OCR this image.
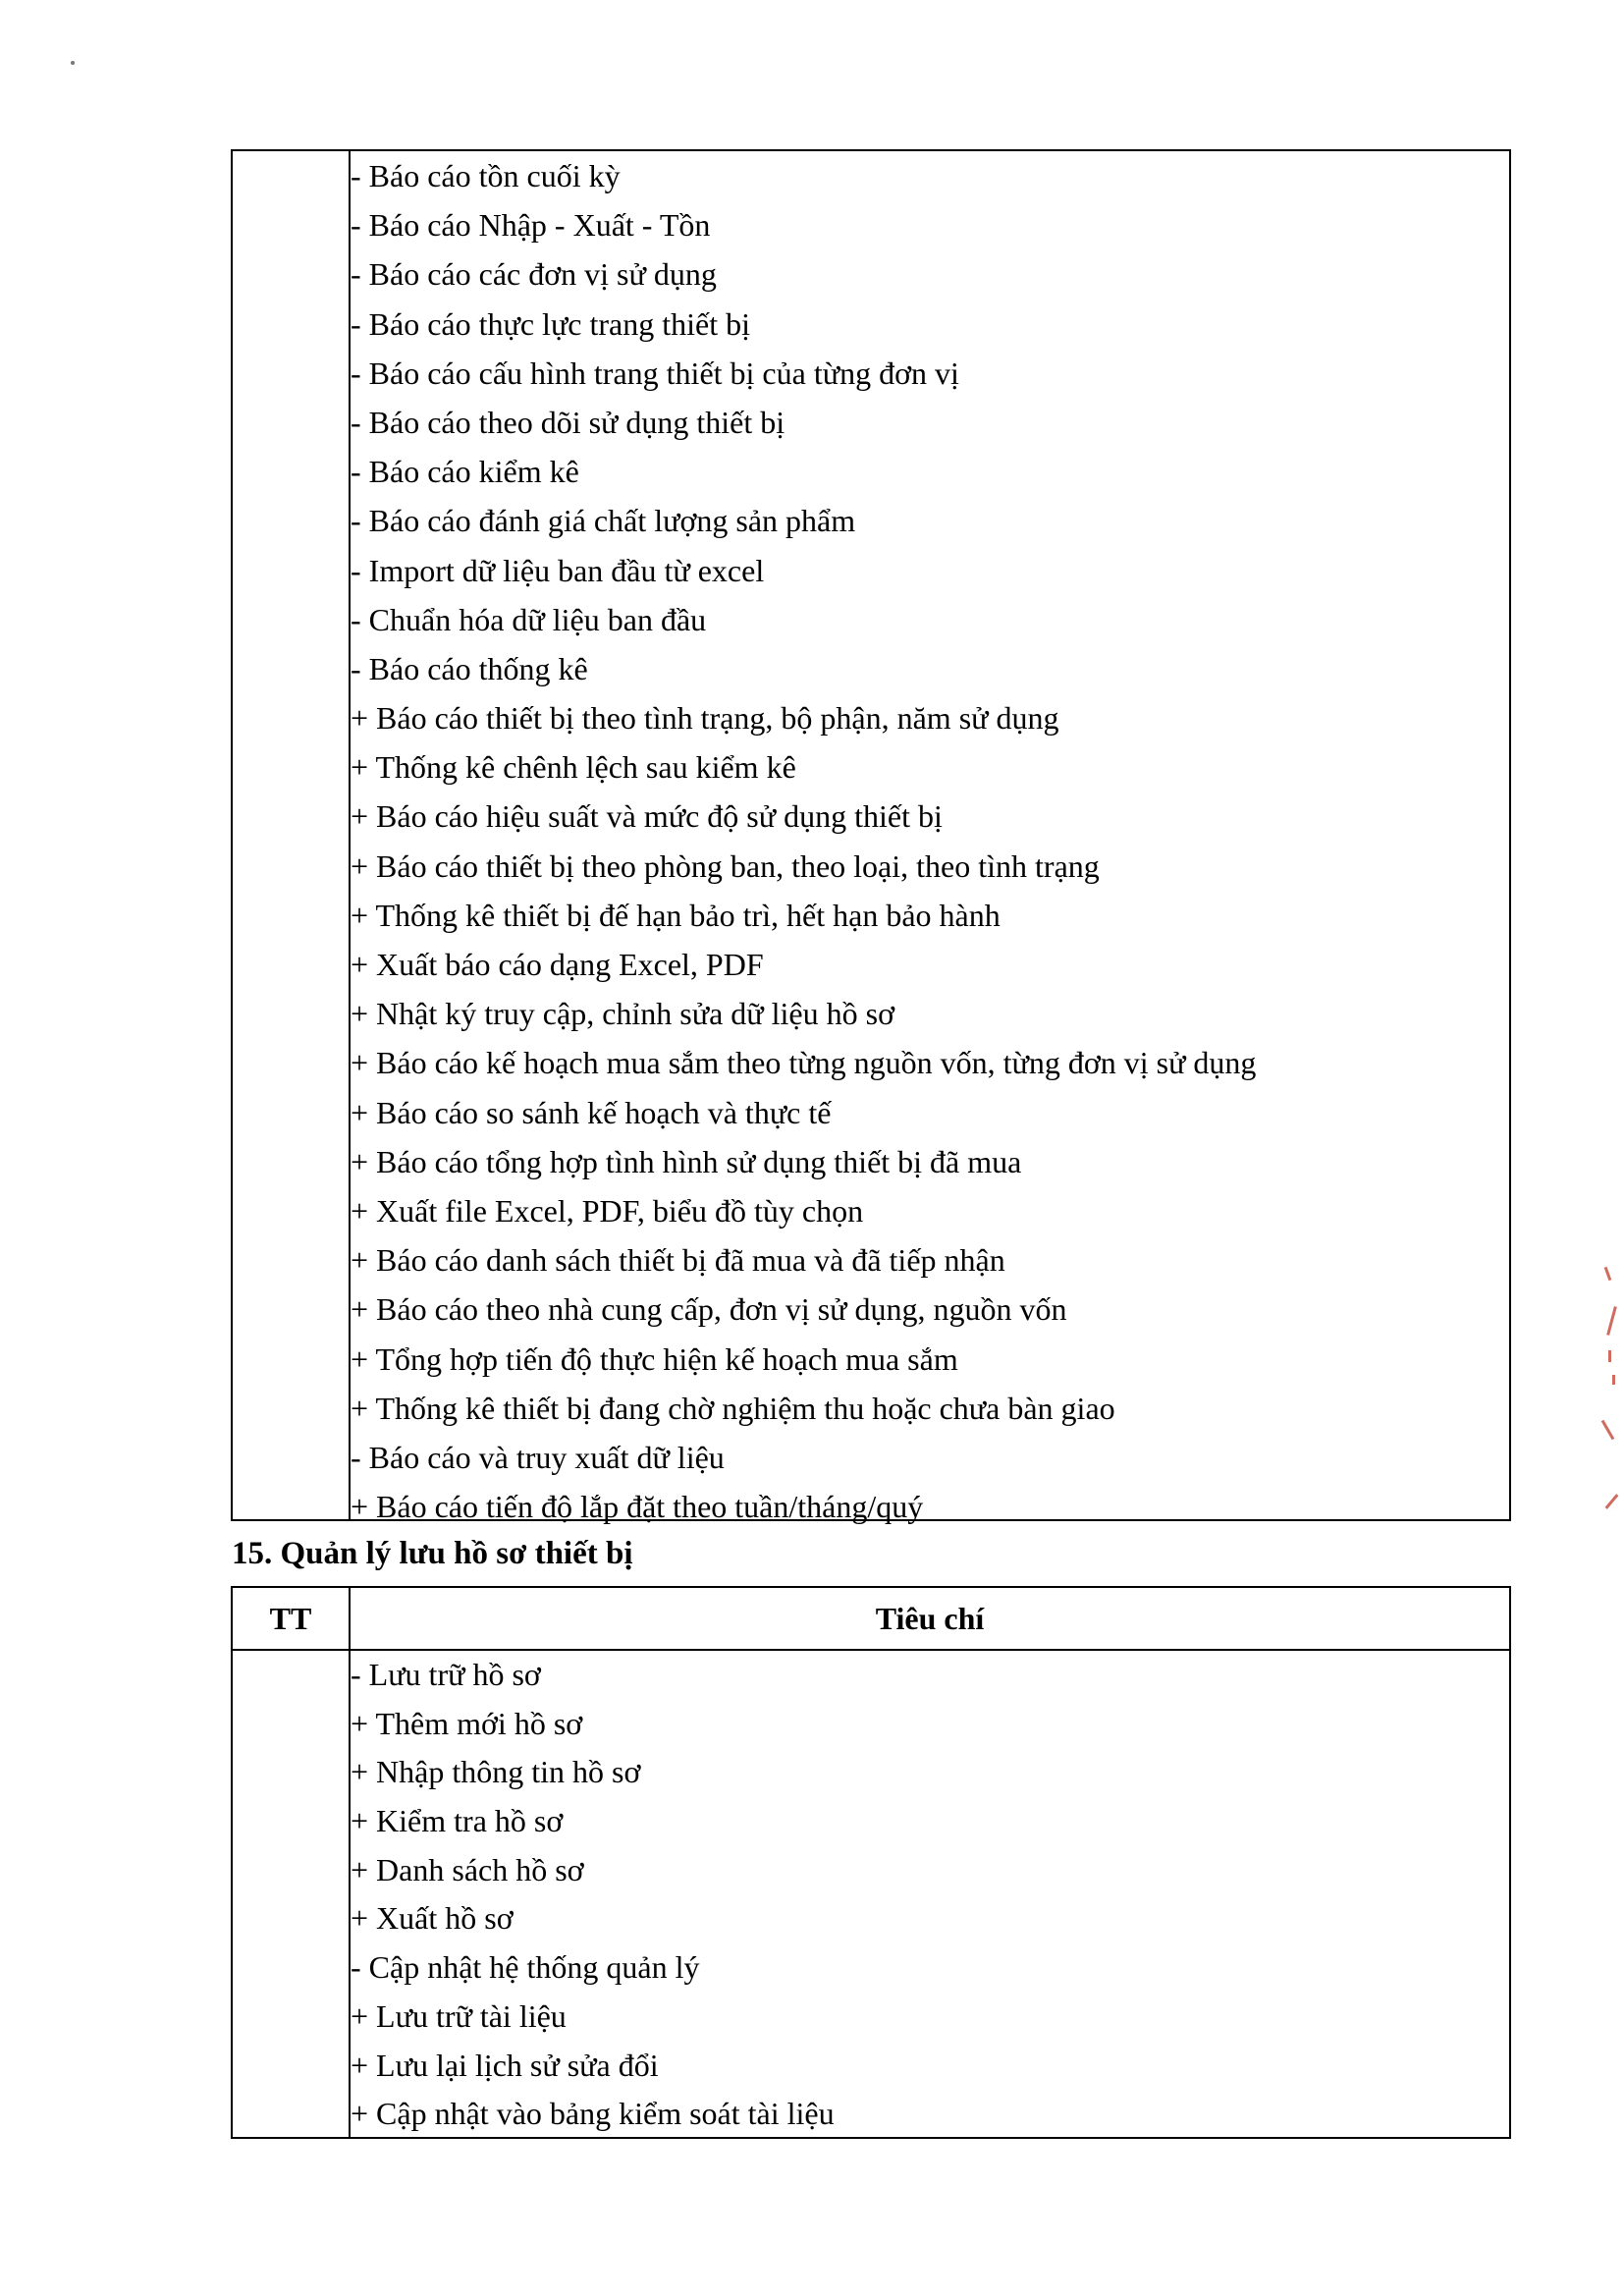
- Báo cáo tồn cuối kỳ
- Báo cáo Nhập - Xuất - Tồn
- Báo cáo các đơn vị sử dụng
- Báo cáo thực lực trang thiết bị
- Báo cáo cấu hình trang thiết bị của từng đơn vị
- Báo cáo theo dõi sử dụng thiết bị
- Báo cáo kiểm kê
- Báo cáo đánh giá chất lượng sản phẩm
- Import dữ liệu ban đầu từ excel
- Chuẩn hóa dữ liệu ban đầu
- Báo cáo thống kê
+ Báo cáo thiết bị theo tình trạng, bộ phận, năm sử dụng
+ Thống kê chênh lệch sau kiểm kê
+ Báo cáo hiệu suất và mức độ sử dụng thiết bị
+ Báo cáo thiết bị theo phòng ban, theo loại, theo tình trạng
+ Thống kê thiết bị đế hạn bảo trì, hết hạn bảo hành
+ Xuất báo cáo dạng Excel, PDF
+ Nhật ký truy cập, chỉnh sửa dữ liệu hồ sơ
+ Báo cáo kế hoạch mua sắm theo từng nguồn vốn, từng đơn vị sử dụng
+ Báo cáo so sánh kế hoạch và thực tế
+ Báo cáo tổng hợp tình hình sử dụng thiết bị đã mua
+ Xuất file Excel, PDF, biểu đồ tùy chọn
+ Báo cáo danh sách thiết bị đã mua và đã tiếp nhận
+ Báo cáo theo nhà cung cấp, đơn vị sử dụng, nguồn vốn
+ Tổng hợp tiến độ thực hiện kế hoạch mua sắm
+ Thống kê thiết bị đang chờ nghiệm thu hoặc chưa bàn giao
- Báo cáo và truy xuất dữ liệu
+ Báo cáo tiến độ lắp đặt theo tuần/tháng/quý
15. Quản lý lưu hồ sơ thiết bị
TT	Tiêu chí
- Lưu trữ hồ sơ
+ Thêm mới hồ sơ
+ Nhập thông tin hồ sơ
+ Kiểm tra hồ sơ
+ Danh sách hồ sơ
+ Xuất hồ sơ
- Cập nhật hệ thống quản lý
+ Lưu trữ tài liệu
+ Lưu lại lịch sử sửa đổi
+ Cập nhật vào bảng kiểm soát tài liệu
